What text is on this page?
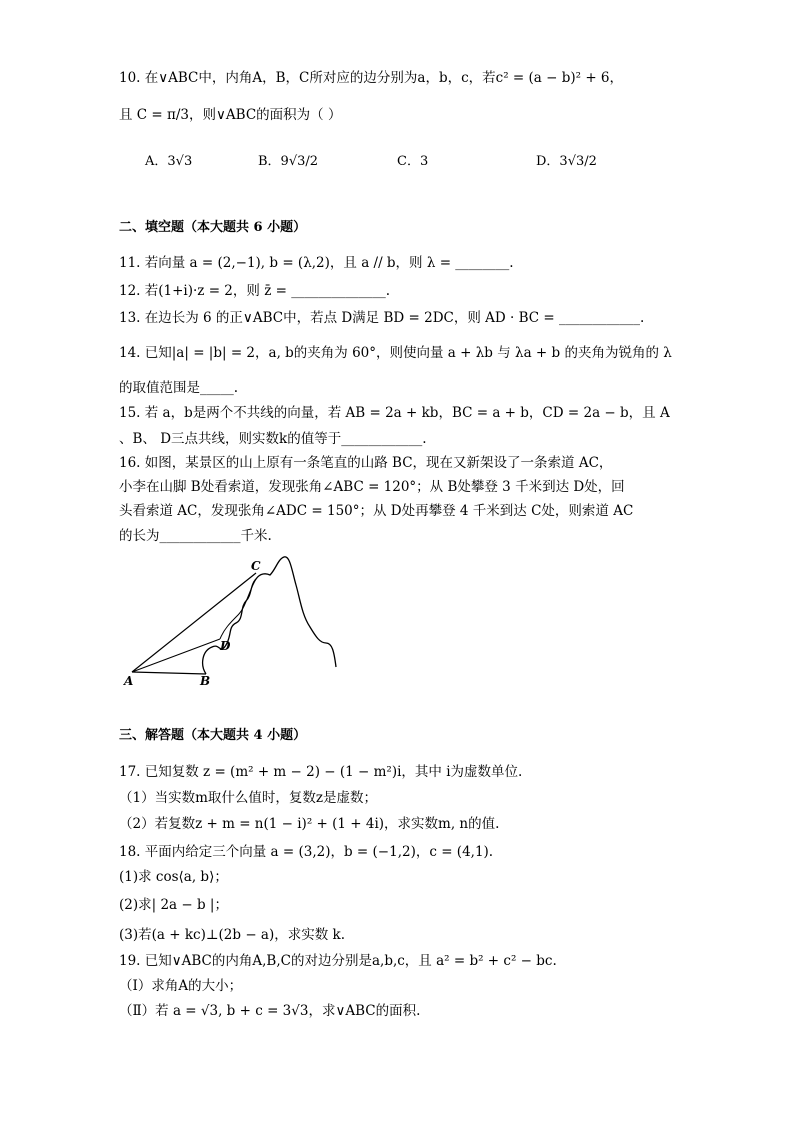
10. 在∨ABC中，内角A，B，C所对应的边分别为a，b，c，若c² = (a − b)² + 6，
且 C = π/3，则∨ABC的面积为（ ）
A．3√3	B．9√3/2	C．3	D．3√3/2
二、填空题（本大题共 6 小题）
11. 若向量 a = (2,−1), b = (λ,2)，且 a // b，则 λ = ________.
12. 若(1+i)·z = 2，则 z̄ = ______________.
13. 在边长为 6 的正∨ABC中，若点 D满足 BD = 2DC，则 AD · BC = ____________.
14. 已知|a| = |b| = 2，a, b的夹角为 60°，则使向量 a + λb 与 λa + b 的夹角为锐角的 λ
的取值范围是_____.
15. 若 a，b是两个不共线的向量，若 AB = 2a + kb，BC = a + b，CD = 2a − b，且 A
、B、 D三点共线，则实数k的值等于____________.
16. 如图，某景区的山上原有一条笔直的山路 BC，现在又新架设了一条索道 AC，
小李在山脚 B处看索道，发现张角∠ABC = 120°；从 B处攀登 3 千米到达 D处，回
头看索道 AC，发现张角∠ADC = 150°；从 D处再攀登 4 千米到达 C处，则索道 AC
的长为____________千米.
C
D
A	B
三、解答题（本大题共 4 小题）
17. 已知复数 z = (m² + m − 2) − (1 − m²)i，其中 i为虚数单位.
（1）当实数m取什么值时，复数z是虚数；
（2）若复数z + m = n(1 − i)² + (1 + 4i)，求实数m, n的值.
18. 平面内给定三个向量 a = (3,2)，b = (−1,2)，c = (4,1).
(1)求 cos⟨a, b⟩；
(2)求| 2a − b |；
(3)若(a + kc)⊥(2b − a)，求实数 k.
19. 已知∨ABC的内角A,B,C的对边分别是a,b,c，且 a² = b² + c² − bc.
（Ⅰ）求角A的大小；
（Ⅱ）若 a = √3, b + c = 3√3，求∨ABC的面积.
